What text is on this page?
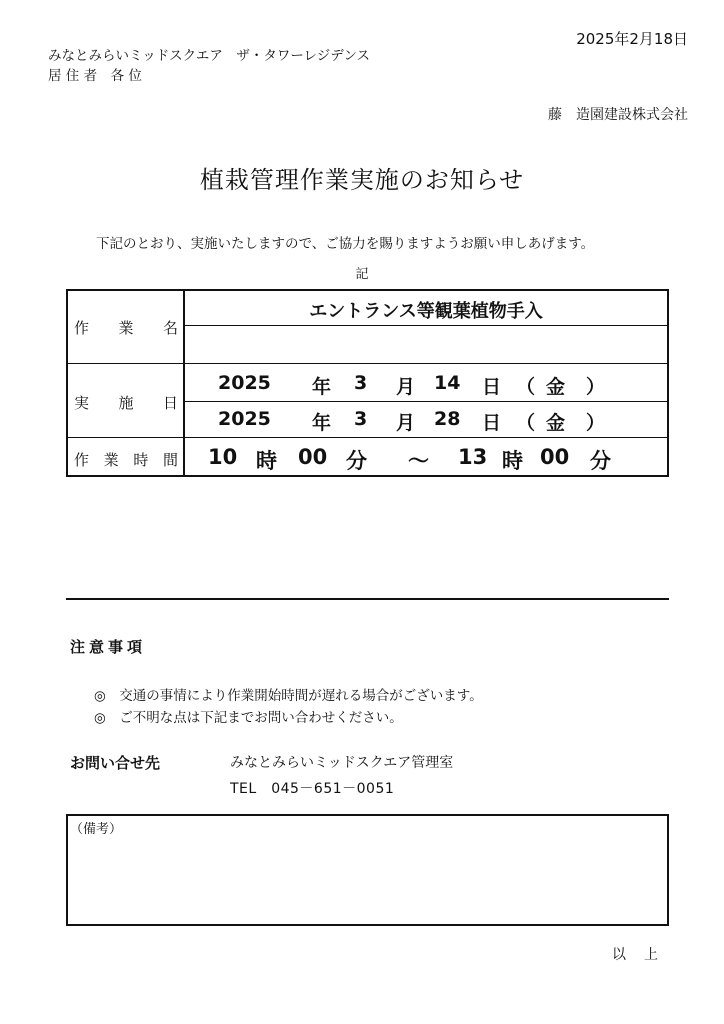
2025年2月18日
みなとみらいミッドスクエア　ザ・タワーレジデンス
居 住 者　各 位
藤　造園建設株式会社
植栽管理作業実施のお知らせ
下記のとおり、実施いたしますので、ご協力を賜りますようお願い申しあげます。
記
作 業 名
エントランス等観葉植物手入
実 施 日
2025	年	3	月 14	日 （ 金	）
2025	年	3	月 28	日 （ 金	）
作 業 時 間 10 時	00 分	～	13 時 00 分
注意事項
◎　交通の事情により作業開始時間が遅れる場合がございます。
◎　ご不明な点は下記までお問い合わせください。
お問い合せ先	みなとみらいミッドスクエア管理室
TEL　045－651－0051
（備考）
以上
